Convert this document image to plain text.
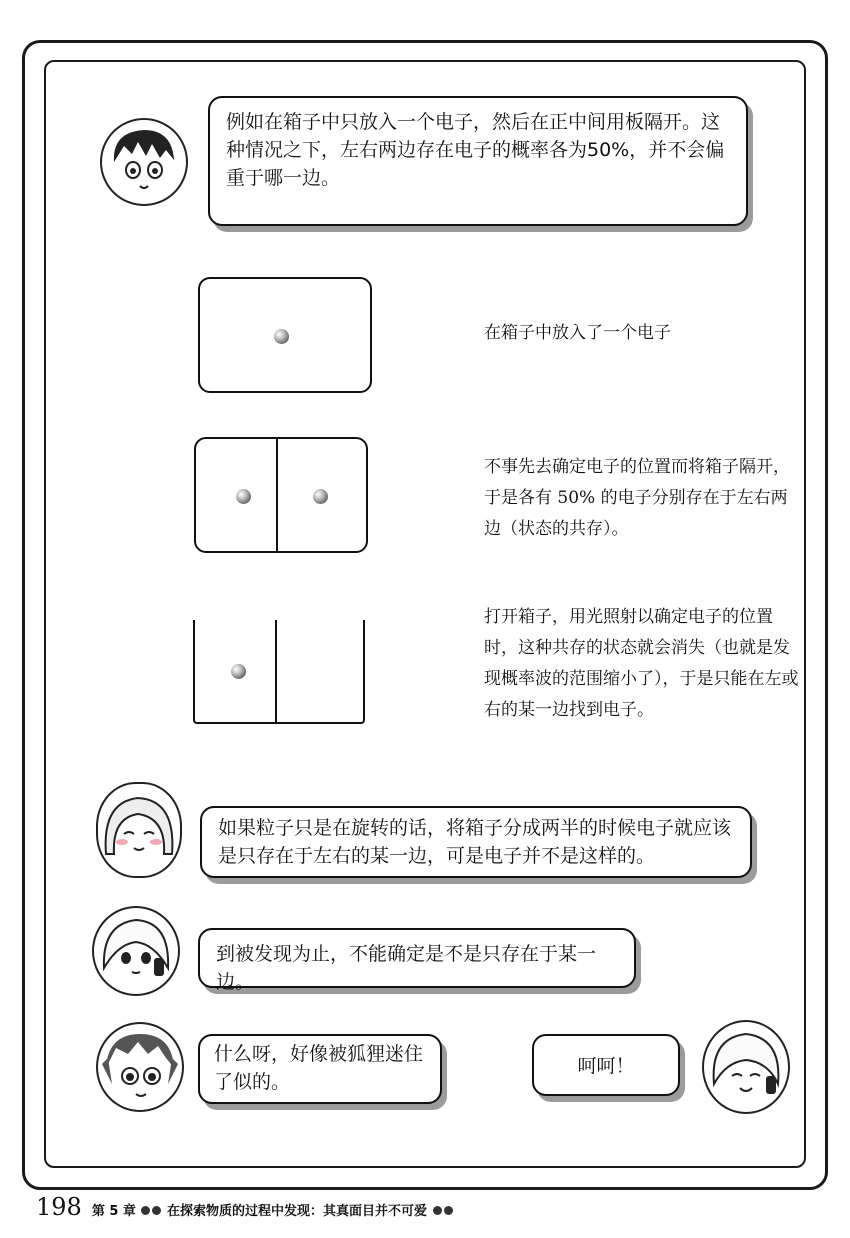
例如在箱子中只放入一个电子，然后在正中间用板隔开。这种情况之下，左右两边存在电子的概率各为50%，并不会偏重于哪一边。
在箱子中放入了一个电子
不事先去确定电子的位置而将箱子隔开，于是各有 50% 的电子分别存在于左右两边（状态的共存）。
打开箱子，用光照射以确定电子的位置时，这种共存的状态就会消失（也就是发现概率波的范围缩小了），于是只能在左或右的某一边找到电子。
如果粒子只是在旋转的话，将箱子分成两半的时候电子就应该是只存在于左右的某一边，可是电子并不是这样的。
到被发现为止，不能确定是不是只存在于某一边。
什么呀，好像被狐狸迷住了似的。
呵呵！
198 第 5 章 在探索物质的过程中发现：其真面目并不可爱
